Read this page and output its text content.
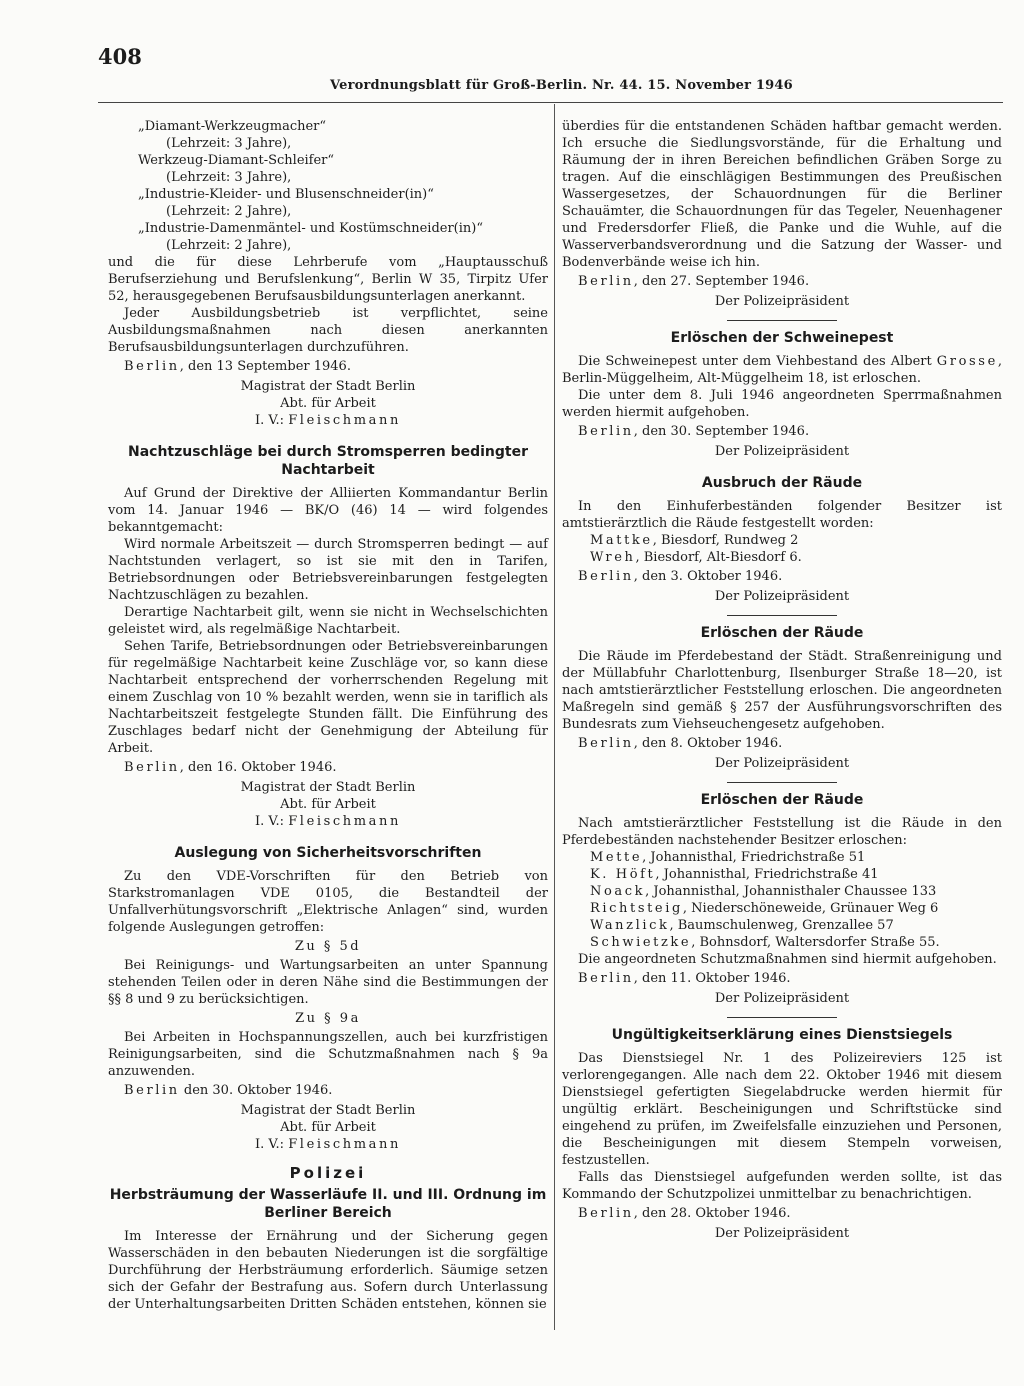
408
Verordnungsblatt für Groß-Berlin. Nr. 44. 15. November 1946

„Diamant-Werkzeugmacher“

(Lehrzeit: 3 Jahre),

Werkzeug-Diamant-Schleifer“

(Lehrzeit: 3 Jahre),

„Industrie-Kleider- und Blusenschneider(in)“

(Lehrzeit: 2 Jahre),

„Industrie-Damenmäntel- und Kostümschneider(in)“

(Lehrzeit: 2 Jahre),

und die für diese Lehrberufe vom „Hauptausschuß Berufserziehung und Berufslenkung“, Berlin W 35, Tirpitz Ufer 52, herausgegebenen Berufsausbildungsunterlagen anerkannt.

Jeder Ausbildungsbetrieb ist verpflichtet, seine Ausbildungsmaßnahmen nach diesen anerkannten Berufsausbildungsunterlagen durchzuführen.

Berlin, den 13 September 1946.

Magistrat der Stadt Berlin

Abt. für Arbeit

I. V.: Fleischmann

Nachtzuschläge bei durch Stromsperren bedingter Nachtarbeit

Auf Grund der Direktive der Alliierten Kommandantur Berlin vom 14. Januar 1946 — BK/O (46) 14 — wird folgendes bekanntgemacht:

Wird normale Arbeitszeit — durch Stromsperren bedingt — auf Nachtstunden verlagert, so ist sie mit den in Tarifen, Betriebsordnungen oder Betriebsvereinbarungen festgelegten Nachtzuschlägen zu bezahlen.

Derartige Nachtarbeit gilt, wenn sie nicht in Wechselschichten geleistet wird, als regelmäßige Nachtarbeit.

Sehen Tarife, Betriebsordnungen oder Betriebsvereinbarungen für regelmäßige Nachtarbeit keine Zuschläge vor, so kann diese Nachtarbeit entsprechend der vorherrschenden Regelung mit einem Zuschlag von 10 % bezahlt werden, wenn sie in tariflich als Nachtarbeitszeit festgelegte Stunden fällt. Die Einführung des Zuschlages bedarf nicht der Genehmigung der Abteilung für Arbeit.

Berlin, den 16. Oktober 1946.

Magistrat der Stadt Berlin

Abt. für Arbeit

I. V.: Fleischmann

Auslegung von Sicherheitsvorschriften

Zu den VDE-Vorschriften für den Betrieb von Starkstromanlagen VDE 0105, die Bestandteil der Unfallverhütungsvorschrift „Elektrische Anlagen“ sind, wurden folgende Auslegungen getroffen:

Zu § 5d

Bei Reinigungs- und Wartungsarbeiten an unter Spannung stehenden Teilen oder in deren Nähe sind die Bestimmungen der §§ 8 und 9 zu berücksichtigen.

Zu § 9a

Bei Arbeiten in Hochspannungszellen, auch bei kurzfristigen Reinigungsarbeiten, sind die Schutzmaßnahmen nach § 9a anzuwenden.

Berlin den 30. Oktober 1946.

Magistrat der Stadt Berlin

Abt. für Arbeit

I. V.: Fleischmann

Polizei
Herbsträumung der Wasserläufe II. und III. Ordnung im Berliner Bereich

Im Interesse der Ernährung und der Sicherung gegen Wasserschäden in den bebauten Niederungen ist die sorgfältige Durchführung der Herbsträumung erforderlich. Säumige setzen sich der Gefahr der Bestrafung aus. Sofern durch Unterlassung der Unterhaltungsarbeiten Dritten Schäden entstehen, können sie

überdies für die entstandenen Schäden haftbar gemacht werden. Ich ersuche die Siedlungsvorstände, für die Erhaltung und Räumung der in ihren Bereichen befindlichen Gräben Sorge zu tragen. Auf die einschlägigen Bestimmungen des Preußischen Wassergesetzes, der Schauordnungen für die Berliner Schauämter, die Schauordnungen für das Tegeler, Neuenhagener und Fredersdorfer Fließ, die Panke und die Wuhle, auf die Wasserverbandsverordnung und die Satzung der Wasser- und Bodenverbände weise ich hin.

Berlin, den 27. September 1946.

Der Polizeipräsident

Erlöschen der Schweinepest

Die Schweinepest unter dem Viehbestand des Albert Grosse, Berlin-Müggelheim, Alt-Müggelheim 18, ist erloschen.

Die unter dem 8. Juli 1946 angeordneten Sperrmaßnahmen werden hiermit aufgehoben.

Berlin, den 30. September 1946.

Der Polizeipräsident

Ausbruch der Räude

In den Einhuferbeständen folgender Besitzer ist amtstierärztlich die Räude festgestellt worden:

Mattke, Biesdorf, Rundweg 2

Wreh, Biesdorf, Alt-Biesdorf 6.

Berlin, den 3. Oktober 1946.

Der Polizeipräsident

Erlöschen der Räude

Die Räude im Pferdebestand der Städt. Straßenreinigung und der Müllabfuhr Charlottenburg, Ilsenburger Straße 18—20, ist nach amtstierärztlicher Feststellung erloschen. Die angeordneten Maßregeln sind gemäß § 257 der Ausführungsvorschriften des Bundesrats zum Viehseuchengesetz aufgehoben.

Berlin, den 8. Oktober 1946.

Der Polizeipräsident

Erlöschen der Räude

Nach amtstierärztlicher Feststellung ist die Räude in den Pferdebeständen nachstehender Besitzer erloschen:

Mette, Johannisthal, Friedrichstraße 51

K. Höft, Johannisthal, Friedrichstraße 41

Noack, Johannisthal, Johannisthaler Chaussee 133

Richtsteig, Niederschöneweide, Grünauer Weg 6

Wanzlick, Baumschulenweg, Grenzallee 57

Schwietzke, Bohnsdorf, Waltersdorfer Straße 55.

Die angeordneten Schutzmaßnahmen sind hiermit aufgehoben.

Berlin, den 11. Oktober 1946.

Der Polizeipräsident

Ungültigkeitserklärung eines Dienstsiegels

Das Dienstsiegel Nr. 1 des Polizeireviers 125 ist verlorengegangen. Alle nach dem 22. Oktober 1946 mit diesem Dienstsiegel gefertigten Siegelabdrucke werden hiermit für ungültig erklärt. Bescheinigungen und Schriftstücke sind eingehend zu prüfen, im Zweifelsfalle einzuziehen und Personen, die Bescheinigungen mit diesem Stempeln vorweisen, festzustellen.

Falls das Dienstsiegel aufgefunden werden sollte, ist das Kommando der Schutzpolizei unmittelbar zu benachrichtigen.

Berlin, den 28. Oktober 1946.

Der Polizeipräsident
